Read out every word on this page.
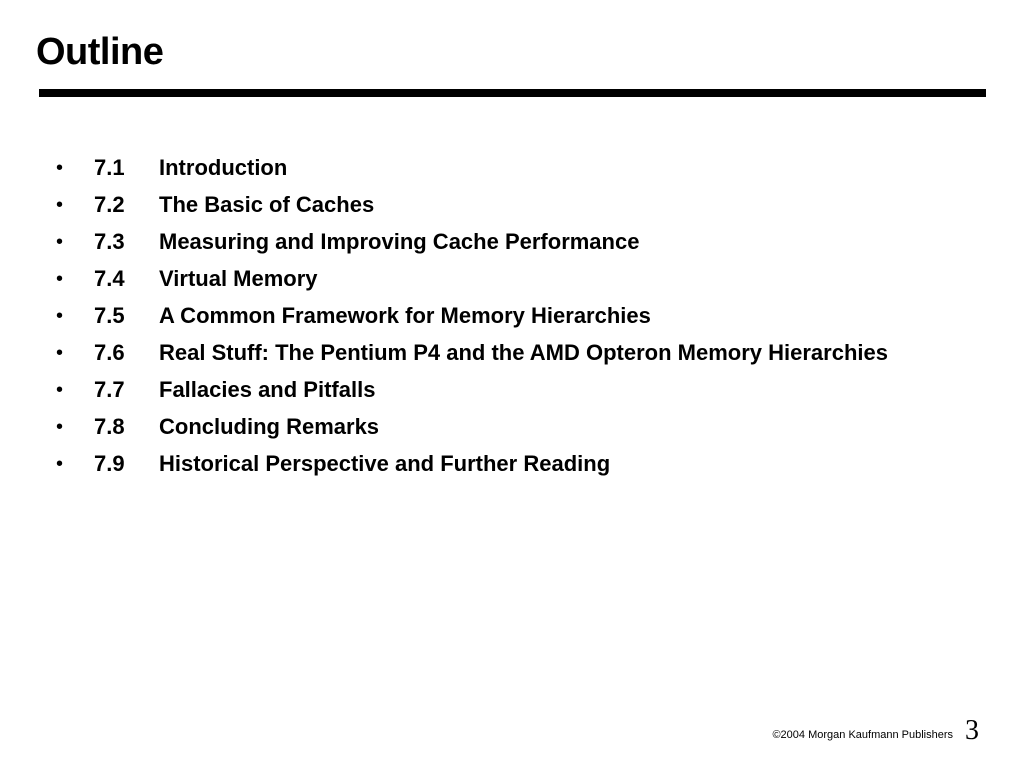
Outline
•	7.1	Introduction
•	7.2	The Basic of Caches
•	7.3	Measuring and Improving Cache Performance
•	7.4	Virtual Memory
•	7.5	A Common Framework for Memory Hierarchies
•	7.6	Real Stuff: The Pentium P4 and the AMD Opteron Memory Hierarchies
•	7.7	Fallacies and Pitfalls
•	7.8	Concluding Remarks
•	7.9	Historical Perspective and Further Reading
©2004 Morgan Kaufmann Publishers 3
